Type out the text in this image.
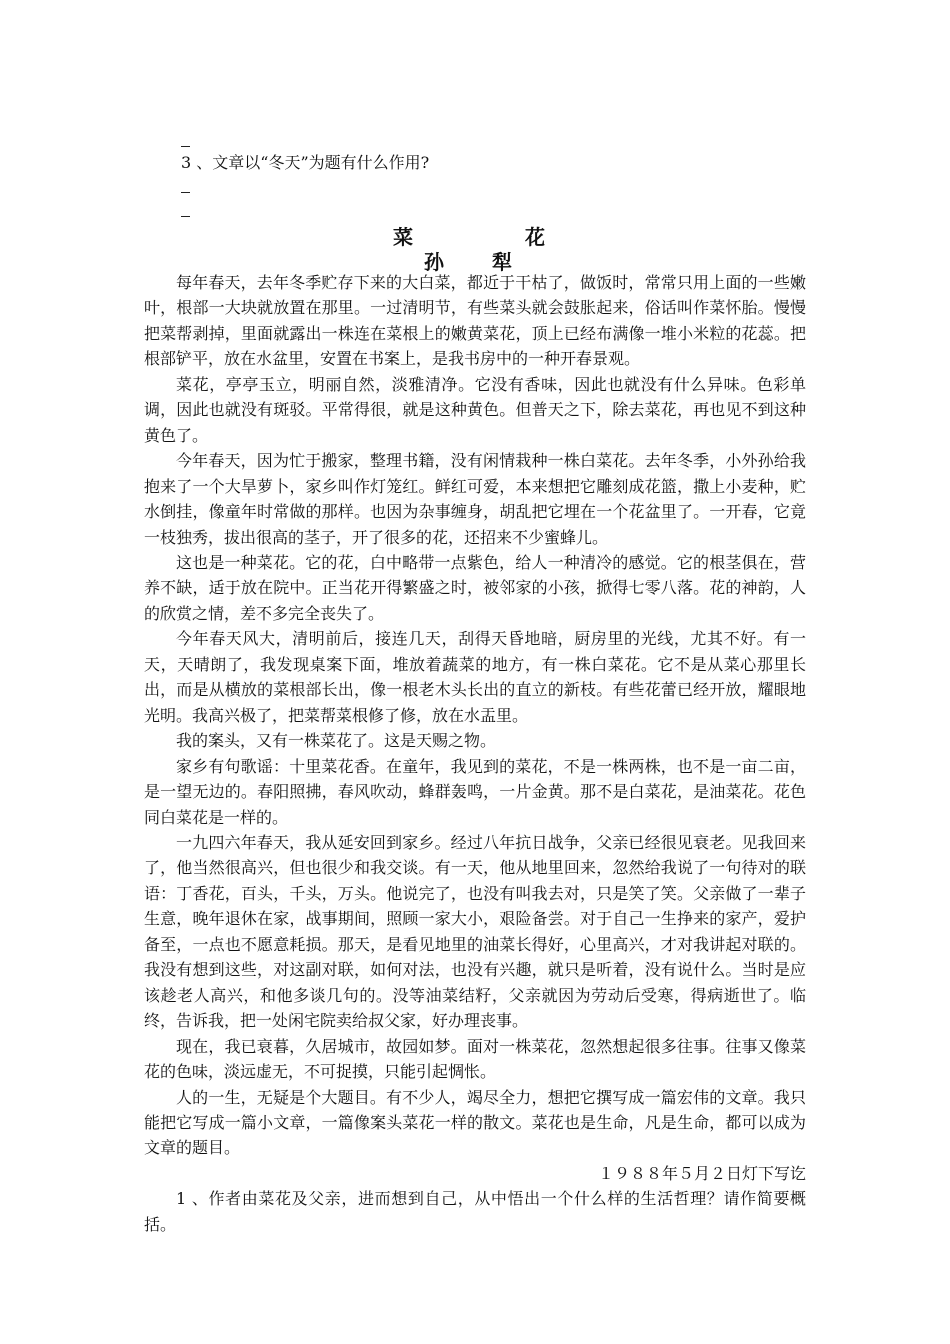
3 、文章以“冬天”为题有什么作用?
菜	花
孙 犁

每年春天，去年冬季贮存下来的大白菜，都近于干枯了，做饭时，常常只用上面的一些嫩叶，根部一大块就放置在那里。一过清明节，有些菜头就会鼓胀起来，俗话叫作菜怀胎。慢慢把菜帮剥掉，里面就露出一株连在菜根上的嫩黄菜花，顶上已经布满像一堆小米粒的花蕊。把根部铲平，放在水盆里，安置在书案上，是我书房中的一种开春景观。

菜花，亭亭玉立，明丽自然，淡雅清净。它没有香味，因此也就没有什么异味。色彩单调，因此也就没有斑驳。平常得很，就是这种黄色。但普天之下，除去菜花，再也见不到这种黄色了。

今年春天，因为忙于搬家，整理书籍，没有闲情栽种一株白菜花。去年冬季，小外孙给我抱来了一个大旱萝卜，家乡叫作灯笼红。鲜红可爱，本来想把它雕刻成花篮，撒上小麦种，贮水倒挂，像童年时常做的那样。也因为杂事缠身，胡乱把它埋在一个花盆里了。一开春，它竟一枝独秀，拔出很高的茎子，开了很多的花，还招来不少蜜蜂儿。

这也是一种菜花。它的花，白中略带一点紫色，给人一种清冷的感觉。它的根茎俱在，营养不缺，适于放在院中。正当花开得繁盛之时，被邻家的小孩，掀得七零八落。花的神韵，人的欣赏之情，差不多完全丧失了。

今年春天风大，清明前后，接连几天，刮得天昏地暗，厨房里的光线，尤其不好。有一天，天晴朗了，我发现桌案下面，堆放着蔬菜的地方，有一株白菜花。它不是从菜心那里长出，而是从横放的菜根部长出，像一根老木头长出的直立的新枝。有些花蕾已经开放，耀眼地光明。我高兴极了，把菜帮菜根修了修，放在水盂里。

我的案头，又有一株菜花了。这是天赐之物。

家乡有句歌谣：十里菜花香。在童年，我见到的菜花，不是一株两株，也不是一亩二亩，是一望无边的。春阳照拂，春风吹动，蜂群轰鸣，一片金黄。那不是白菜花，是油菜花。花色同白菜花是一样的。

一九四六年春天，我从延安回到家乡。经过八年抗日战争，父亲已经很见衰老。见我回来了，他当然很高兴，但也很少和我交谈。有一天，他从地里回来，忽然给我说了一句待对的联语：丁香花，百头，千头，万头。他说完了，也没有叫我去对，只是笑了笑。父亲做了一辈子生意，晚年退休在家，战事期间，照顾一家大小，艰险备尝。对于自己一生挣来的家产，爱护备至，一点也不愿意耗损。那天，是看见地里的油菜长得好，心里高兴，才对我讲起对联的。我没有想到这些，对这副对联，如何对法，也没有兴趣，就只是听着，没有说什么。当时是应该趁老人高兴，和他多谈几句的。没等油菜结籽，父亲就因为劳动后受寒，得病逝世了。临终，告诉我，把一处闲宅院卖给叔父家，好办理丧事。

现在，我已衰暮，久居城市，故园如梦。面对一株菜花，忽然想起很多往事。往事又像菜花的色味，淡远虚无，不可捉摸，只能引起惆怅。

人的一生，无疑是个大题目。有不少人，竭尽全力，想把它撰写成一篇宏伟的文章。我只能把它写成一篇小文章，一篇像案头菜花一样的散文。菜花也是生命，凡是生命，都可以成为文章的题目。

１９８８年５月２日灯下写讫

1 、作者由菜花及父亲，进而想到自己，从中悟出一个什么样的生活哲理？请作简要概括。
